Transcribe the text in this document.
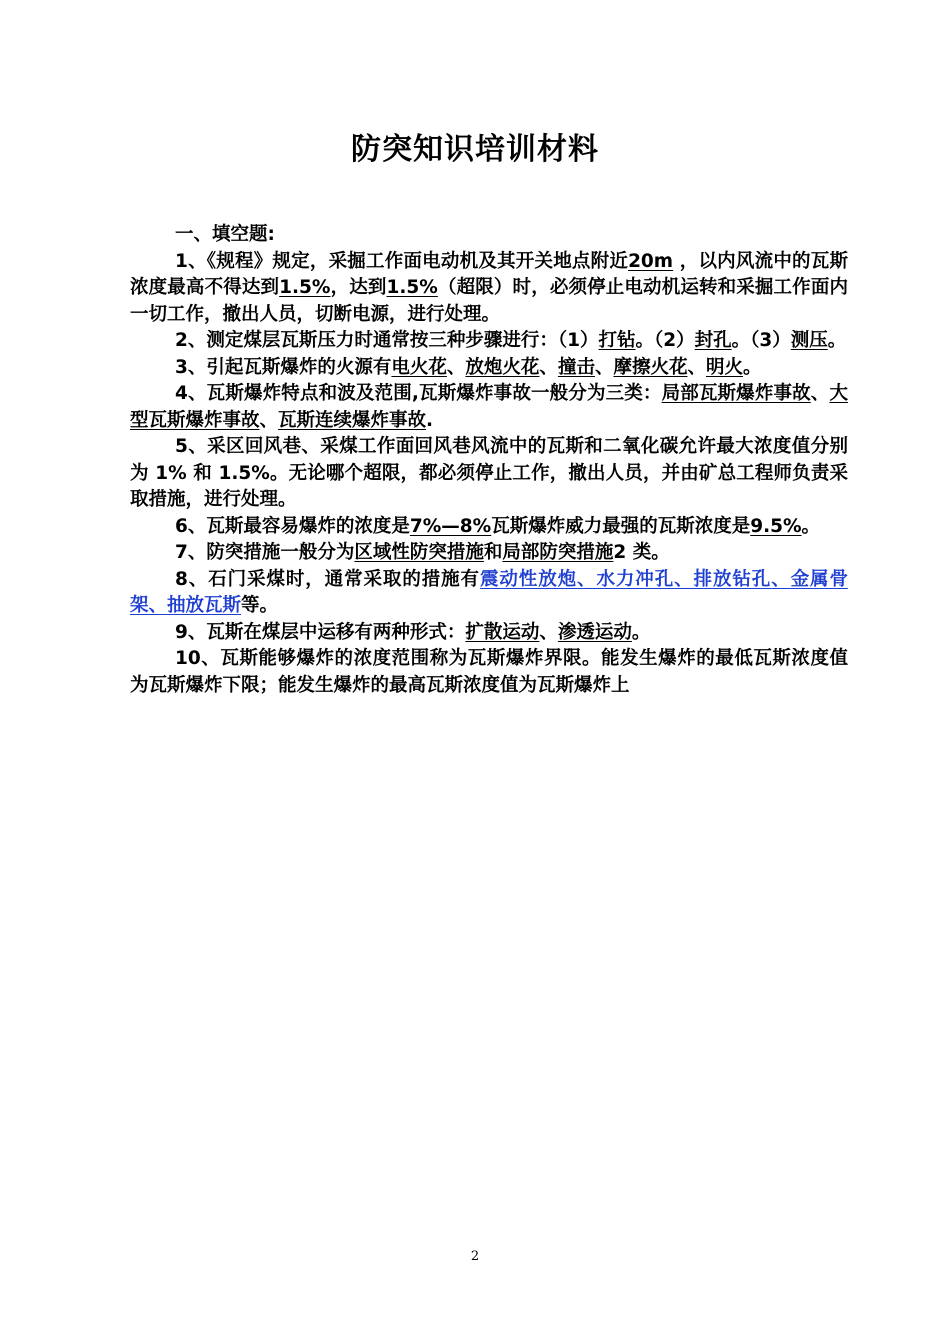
防突知识培训材料

一、填空题:

1、《规程》规定，采掘工作面电动机及其开关地点附近20m ，以内风流中的瓦斯浓度最高不得达到1.5%，达到1.5%（超限）时，必须停止电动机运转和采掘工作面内一切工作，撤出人员，切断电源，进行处理。

2、测定煤层瓦斯压力时通常按三种步骤进行：（1）打钻。（2）封孔。（3）测压。

3、引起瓦斯爆炸的火源有电火花、放炮火花、撞击、摩擦火花、明火。

4、瓦斯爆炸特点和波及范围,瓦斯爆炸事故一般分为三类：局部瓦斯爆炸事故、大型瓦斯爆炸事故、瓦斯连续爆炸事故.

5、采区回风巷、采煤工作面回风巷风流中的瓦斯和二氧化碳允许最大浓度值分别为 1% 和 1.5%。无论哪个超限，都必须停止工作，撤出人员，并由矿总工程师负责采取措施，进行处理。

6、瓦斯最容易爆炸的浓度是7%—8%瓦斯爆炸威力最强的瓦斯浓度是9.5%。

7、防突措施一般分为区域性防突措施和局部防突措施2 类。

8、石门采煤时，通常采取的措施有震动性放炮、水力冲孔、排放钻孔、金属骨架、抽放瓦斯等。

9、瓦斯在煤层中运移有两种形式：扩散运动、渗透运动。

10、瓦斯能够爆炸的浓度范围称为瓦斯爆炸界限。能发生爆炸的最低瓦斯浓度值为瓦斯爆炸下限；能发生爆炸的最高瓦斯浓度值为瓦斯爆炸上

2
